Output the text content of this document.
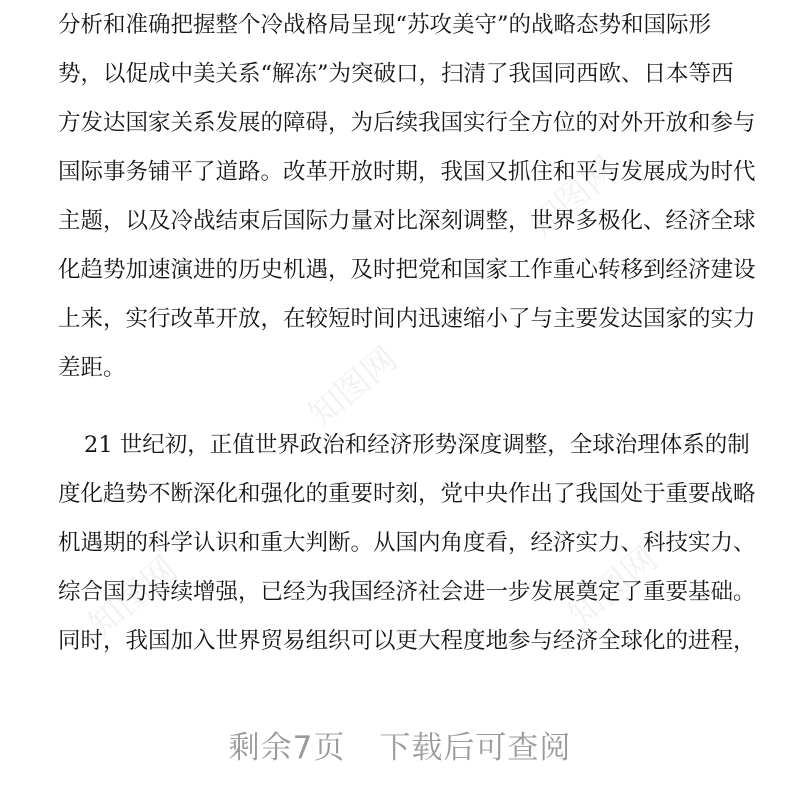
知图网
知图网
知图网	知图网
分析和准确把握整个冷战格局呈现“苏攻美守”的战略态势和国际形
势，以促成中美关系“解冻”为突破口，扫清了我国同西欧、日本等西
方发达国家关系发展的障碍，为后续我国实行全方位的对外开放和参与
国际事务铺平了道路。改革开放时期，我国又抓住和平与发展成为时代
主题，以及冷战结束后国际力量对比深刻调整，世界多极化、经济全球
化趋势加速演进的历史机遇，及时把党和国家工作重心转移到经济建设
上来，实行改革开放，在较短时间内迅速缩小了与主要发达国家的实力
差距。
21 世纪初，正值世界政治和经济形势深度调整，全球治理体系的制
度化趋势不断深化和强化的重要时刻，党中央作出了我国处于重要战略
机遇期的科学认识和重大判断。从国内角度看，经济实力、科技实力、
综合国力持续增强，已经为我国经济社会进一步发展奠定了重要基础。
同时，我国加入世界贸易组织可以更大程度地参与经济全球化的进程，
剩余7页 下载后可查阅
